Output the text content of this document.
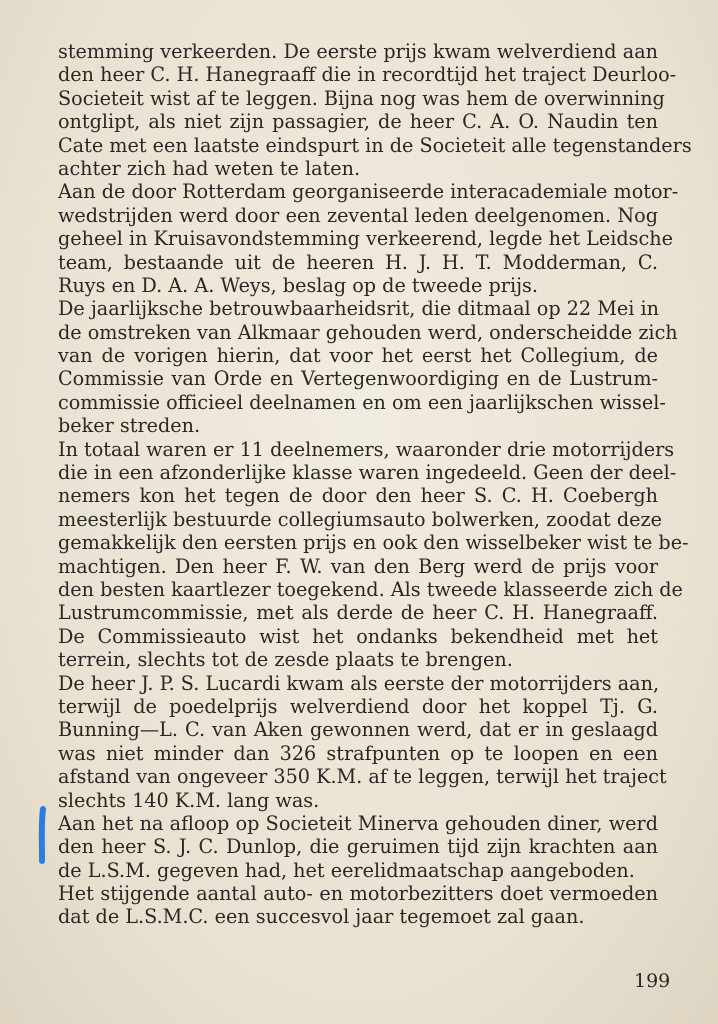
stemming verkeerden. De eerste prijs kwam welverdiend aan
den heer C. H. Hanegraaff die in recordtijd het traject Deurloo-
Societeit wist af te leggen. Bijna nog was hem de overwinning
ontglipt, als niet zijn passagier, de heer C. A. O. Naudin ten
Cate met een laatste eindspurt in de Societeit alle tegenstanders
achter zich had weten te laten.

Aan de door Rotterdam georganiseerde interacademiale motor-
wedstrijden werd door een zevental leden deelgenomen. Nog
geheel in Kruisavondstemming verkeerend, legde het Leidsche
team, bestaande uit de heeren H. J. H. T. Modderman, C.
Ruys en D. A. A. Weys, beslag op de tweede prijs.

De jaarlijksche betrouwbaarheidsrit, die ditmaal op 22 Mei in
de omstreken van Alkmaar gehouden werd, onderscheidde zich
van de vorigen hierin, dat voor het eerst het Collegium, de
Commissie van Orde en Vertegenwoordiging en de Lustrum-
commissie officieel deelnamen en om een jaarlijkschen wissel-
beker streden.

In totaal waren er 11 deelnemers, waaronder drie motorrijders
die in een afzonderlijke klasse waren ingedeeld. Geen der deel-
nemers kon het tegen de door den heer S. C. H. Coebergh
meesterlijk bestuurde collegiumsauto bolwerken, zoodat deze
gemakkelijk den eersten prijs en ook den wisselbeker wist te be-
machtigen. Den heer F. W. van den Berg werd de prijs voor
den besten kaartlezer toegekend. Als tweede klasseerde zich de
Lustrumcommissie, met als derde de heer C. H. Hanegraaff.
De Commissieauto wist het ondanks bekendheid met het
terrein, slechts tot de zesde plaats te brengen.

De heer J. P. S. Lucardi kwam als eerste der motorrijders aan,
terwijl de poedelprijs welverdiend door het koppel Tj. G.
Bunning—L. C. van Aken gewonnen werd, dat er in geslaagd
was niet minder dan 326 strafpunten op te loopen en een
afstand van ongeveer 350 K.M. af te leggen, terwijl het traject
slechts 140 K.M. lang was.

Aan het na afloop op Societeit Minerva gehouden diner, werd
den heer S. J. C. Dunlop, die geruimen tijd zijn krachten aan
de L.S.M. gegeven had, het eerelidmaatschap aangeboden.

Het stijgende aantal auto- en motorbezitters doet vermoeden
dat de L.S.M.C. een succesvol jaar tegemoet zal gaan.

199
